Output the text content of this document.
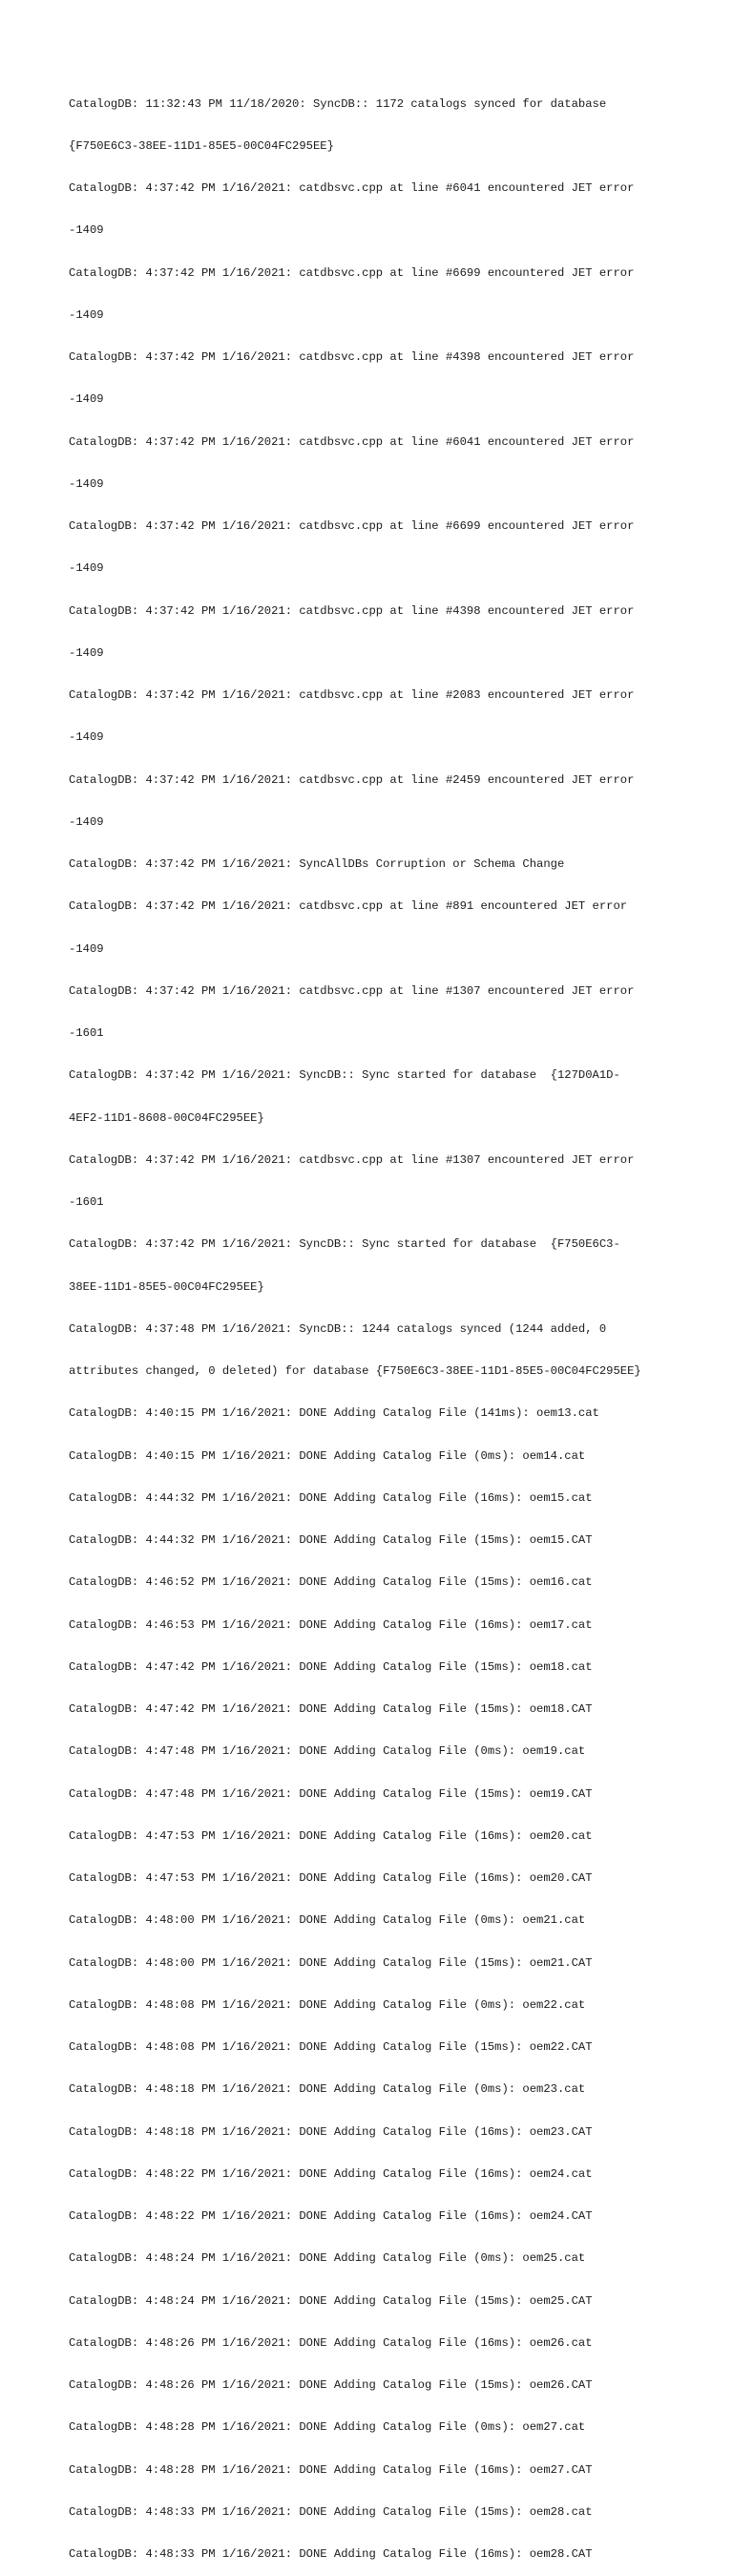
CatalogDB: 11:32:43 PM 11/18/2020: SyncDB:: 1172 catalogs synced for database

{F750E6C3-38EE-11D1-85E5-00C04FC295EE}

CatalogDB: 4:37:42 PM 1/16/2021: catdbsvc.cpp at line #6041 encountered JET error

-1409

CatalogDB: 4:37:42 PM 1/16/2021: catdbsvc.cpp at line #6699 encountered JET error

-1409

CatalogDB: 4:37:42 PM 1/16/2021: catdbsvc.cpp at line #4398 encountered JET error

-1409

CatalogDB: 4:37:42 PM 1/16/2021: catdbsvc.cpp at line #6041 encountered JET error

-1409

CatalogDB: 4:37:42 PM 1/16/2021: catdbsvc.cpp at line #6699 encountered JET error

-1409

CatalogDB: 4:37:42 PM 1/16/2021: catdbsvc.cpp at line #4398 encountered JET error

-1409

CatalogDB: 4:37:42 PM 1/16/2021: catdbsvc.cpp at line #2083 encountered JET error

-1409

CatalogDB: 4:37:42 PM 1/16/2021: catdbsvc.cpp at line #2459 encountered JET error

-1409

CatalogDB: 4:37:42 PM 1/16/2021: SyncAllDBs Corruption or Schema Change

CatalogDB: 4:37:42 PM 1/16/2021: catdbsvc.cpp at line #891 encountered JET error

-1409

CatalogDB: 4:37:42 PM 1/16/2021: catdbsvc.cpp at line #1307 encountered JET error

-1601

CatalogDB: 4:37:42 PM 1/16/2021: SyncDB:: Sync started for database  {127D0A1D-

4EF2-11D1-8608-00C04FC295EE}

CatalogDB: 4:37:42 PM 1/16/2021: catdbsvc.cpp at line #1307 encountered JET error

-1601

CatalogDB: 4:37:42 PM 1/16/2021: SyncDB:: Sync started for database  {F750E6C3-

38EE-11D1-85E5-00C04FC295EE}

CatalogDB: 4:37:48 PM 1/16/2021: SyncDB:: 1244 catalogs synced (1244 added, 0

attributes changed, 0 deleted) for database {F750E6C3-38EE-11D1-85E5-00C04FC295EE}

CatalogDB: 4:40:15 PM 1/16/2021: DONE Adding Catalog File (141ms): oem13.cat

CatalogDB: 4:40:15 PM 1/16/2021: DONE Adding Catalog File (0ms): oem14.cat

CatalogDB: 4:44:32 PM 1/16/2021: DONE Adding Catalog File (16ms): oem15.cat

CatalogDB: 4:44:32 PM 1/16/2021: DONE Adding Catalog File (15ms): oem15.CAT

CatalogDB: 4:46:52 PM 1/16/2021: DONE Adding Catalog File (15ms): oem16.cat

CatalogDB: 4:46:53 PM 1/16/2021: DONE Adding Catalog File (16ms): oem17.cat

CatalogDB: 4:47:42 PM 1/16/2021: DONE Adding Catalog File (15ms): oem18.cat

CatalogDB: 4:47:42 PM 1/16/2021: DONE Adding Catalog File (15ms): oem18.CAT

CatalogDB: 4:47:48 PM 1/16/2021: DONE Adding Catalog File (0ms): oem19.cat

CatalogDB: 4:47:48 PM 1/16/2021: DONE Adding Catalog File (15ms): oem19.CAT

CatalogDB: 4:47:53 PM 1/16/2021: DONE Adding Catalog File (16ms): oem20.cat

CatalogDB: 4:47:53 PM 1/16/2021: DONE Adding Catalog File (16ms): oem20.CAT

CatalogDB: 4:48:00 PM 1/16/2021: DONE Adding Catalog File (0ms): oem21.cat

CatalogDB: 4:48:00 PM 1/16/2021: DONE Adding Catalog File (15ms): oem21.CAT

CatalogDB: 4:48:08 PM 1/16/2021: DONE Adding Catalog File (0ms): oem22.cat

CatalogDB: 4:48:08 PM 1/16/2021: DONE Adding Catalog File (15ms): oem22.CAT

CatalogDB: 4:48:18 PM 1/16/2021: DONE Adding Catalog File (0ms): oem23.cat

CatalogDB: 4:48:18 PM 1/16/2021: DONE Adding Catalog File (16ms): oem23.CAT

CatalogDB: 4:48:22 PM 1/16/2021: DONE Adding Catalog File (16ms): oem24.cat

CatalogDB: 4:48:22 PM 1/16/2021: DONE Adding Catalog File (16ms): oem24.CAT

CatalogDB: 4:48:24 PM 1/16/2021: DONE Adding Catalog File (0ms): oem25.cat

CatalogDB: 4:48:24 PM 1/16/2021: DONE Adding Catalog File (15ms): oem25.CAT

CatalogDB: 4:48:26 PM 1/16/2021: DONE Adding Catalog File (16ms): oem26.cat

CatalogDB: 4:48:26 PM 1/16/2021: DONE Adding Catalog File (15ms): oem26.CAT

CatalogDB: 4:48:28 PM 1/16/2021: DONE Adding Catalog File (0ms): oem27.cat

CatalogDB: 4:48:28 PM 1/16/2021: DONE Adding Catalog File (16ms): oem27.CAT

CatalogDB: 4:48:33 PM 1/16/2021: DONE Adding Catalog File (15ms): oem28.cat

CatalogDB: 4:48:33 PM 1/16/2021: DONE Adding Catalog File (16ms): oem28.CAT
